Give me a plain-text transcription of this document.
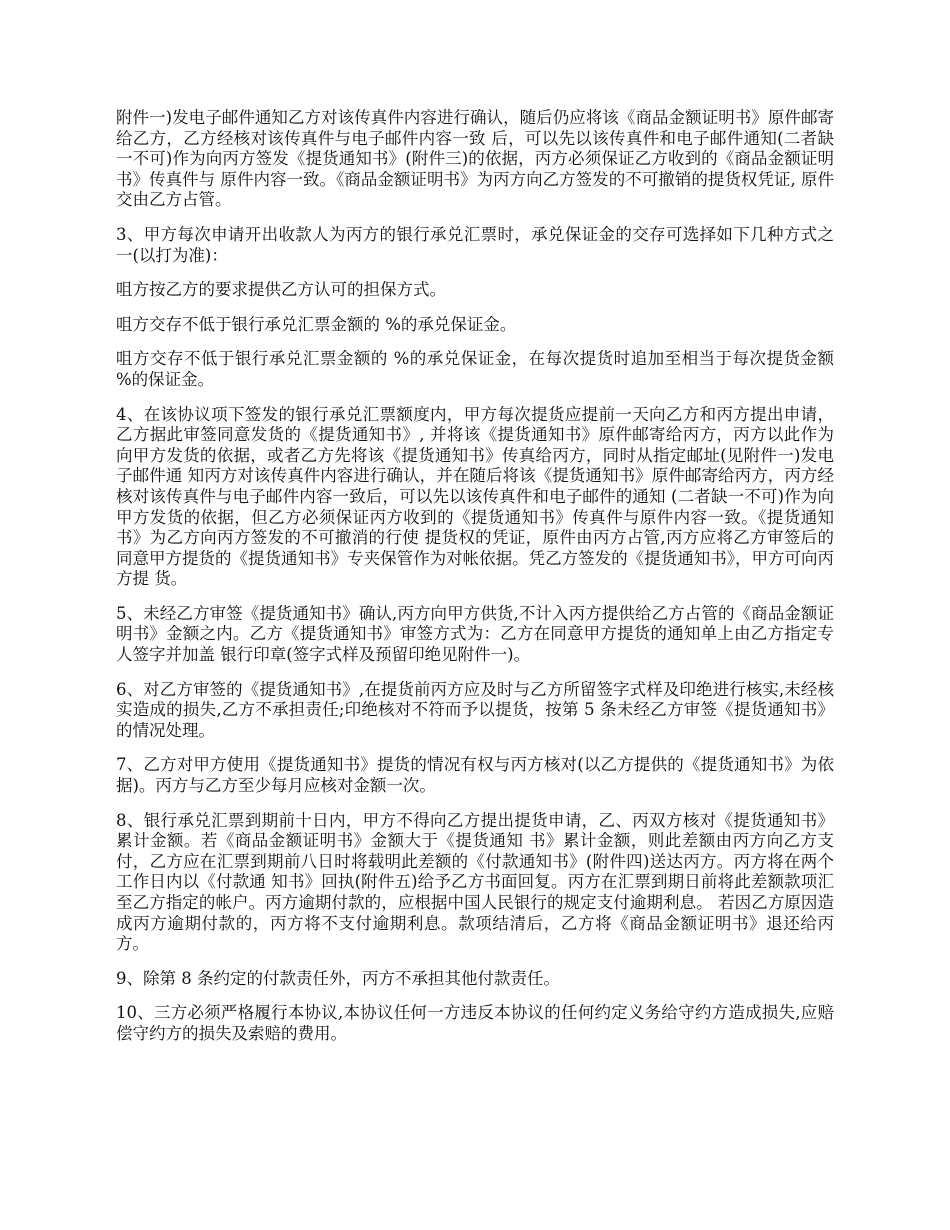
附件一)发电子邮件通知乙方对该传真件内容进行确认，随后仍应将该《商品金额证明书》原件邮寄给乙方，乙方经核对该传真件与电子邮件内容一致 后，可以先以该传真件和电子邮件通知(二者缺一不可)作为向丙方签发《提货通知书》(附件三)的依据，丙方必须保证乙方收到的《商品金额证明书》传真件与 原件内容一致。《商品金额证明书》为丙方向乙方签发的不可撤销的提货权凭证, 原件交由乙方占管。

3、甲方每次申请开出收款人为丙方的银行承兑汇票时，承兑保证金的交存可选择如下几种方式之一(以打为准)：

咀方按乙方的要求提供乙方认可的担保方式。

咀方交存不低于银行承兑汇票金额的 %的承兑保证金。

咀方交存不低于银行承兑汇票金额的 %的承兑保证金，在每次提货时追加至相当于每次提货金额 %的保证金。

4、在该协议项下签发的银行承兑汇票额度内，甲方每次提货应提前一天向乙方和丙方提出申请，乙方据此审签同意发货的《提货通知书》, 并将该《提货通知书》原件邮寄给丙方，丙方以此作为向甲方发货的依据，或者乙方先将该《提货通知书》传真给丙方，同时从指定邮址(见附件一)发电子邮件通 知丙方对该传真件内容进行确认，并在随后将该《提货通知书》原件邮寄给丙方，丙方经核对该传真件与电子邮件内容一致后，可以先以该传真件和电子邮件的通知 (二者缺一不可)作为向甲方发货的依据，但乙方必须保证丙方收到的《提货通知书》传真件与原件内容一致。《提货通知书》为乙方向丙方签发的不可撤消的行使 提货权的凭证，原件由丙方占管,丙方应将乙方审签后的同意甲方提货的《提货通知书》专夹保管作为对帐依据。凭乙方签发的《提货通知书》，甲方可向丙方提 货。

5、未经乙方审签《提货通知书》确认,丙方向甲方供货,不计入丙方提供给乙方占管的《商品金额证明书》金额之内。乙方《提货通知书》审签方式为：乙方在同意甲方提货的通知单上由乙方指定专人签字并加盖 银行印章(签字式样及预留印绝见附件一)。

6、对乙方审签的《提货通知书》,在提货前丙方应及时与乙方所留签字式样及印绝进行核实,未经核实造成的损失,乙方不承担责任;印绝核对不符而予以提货，按第 5 条未经乙方审签《提货通知书》的情况处理。

7、乙方对甲方使用《提货通知书》提货的情况有权与丙方核对(以乙方提供的《提货通知书》为依据)。丙方与乙方至少每月应核对金额一次。

8、银行承兑汇票到期前十日内，甲方不得向乙方提出提货申请，乙、丙双方核对《提货通知书》累计金额。若《商品金额证明书》金额大于《提货通知 书》累计金额，则此差额由丙方向乙方支付，乙方应在汇票到期前八日时将载明此差额的《付款通知书》(附件四)送达丙方。丙方将在两个工作日内以《付款通 知书》回执(附件五)给予乙方书面回复。丙方在汇票到期日前将此差额款项汇至乙方指定的帐户。丙方逾期付款的，应根据中国人民银行的规定支付逾期利息。 若因乙方原因造成丙方逾期付款的，丙方将不支付逾期利息。款项结清后，乙方将《商品金额证明书》退还给丙方。

9、除第 8 条约定的付款责任外，丙方不承担其他付款责任。

10、三方必须严格履行本协议,本协议任何一方违反本协议的任何约定义务给守约方造成损失,应赔偿守约方的损失及索赔的费用。
